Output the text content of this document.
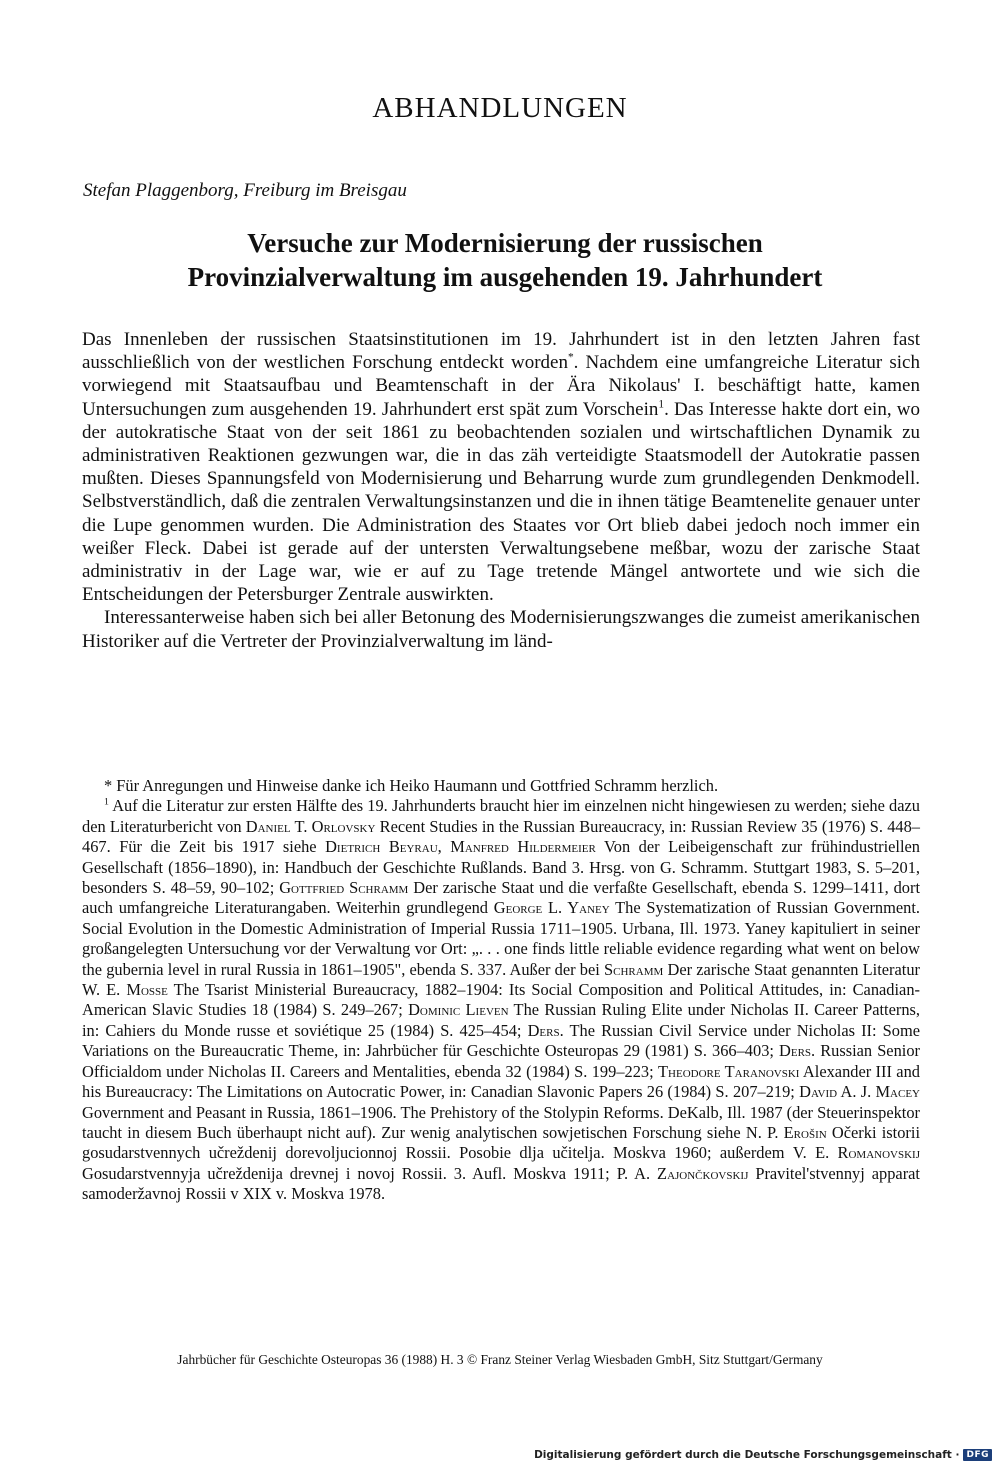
ABHANDLUNGEN

Stefan Plaggenborg, Freiburg im Breisgau

Versuche zur Modernisierung der russischen
Provinzialverwaltung im ausgehenden 19. Jahrhundert

Das Innenleben der russischen Staatsinstitutionen im 19. Jahrhundert ist in den letzten Jahren fast ausschließlich von der westlichen Forschung entdeckt worden*. Nachdem eine umfangreiche Literatur sich vorwiegend mit Staatsaufbau und Beamtenschaft in der Ära Nikolaus' I. beschäftigt hatte, kamen Untersuchungen zum ausgehenden 19. Jahrhundert erst spät zum Vorschein$^1$. Das Interesse hakte dort ein, wo der autokratische Staat von der seit 1861 zu beobachtenden sozialen und wirtschaftlichen Dynamik zu administrativen Reaktionen gezwungen war, die in das zäh verteidigte Staatsmodell der Autokratie passen mußten. Dieses Spannungsfeld von Modernisierung und Beharrung wurde zum grundlegenden Denkmodell. Selbstverständlich, daß die zentralen Verwaltungsinstanzen und die in ihnen tätige Beamtenelite genauer unter die Lupe genommen wurden. Die Administration des Staates vor Ort blieb dabei jedoch noch immer ein weißer Fleck. Dabei ist gerade auf der untersten Verwaltungsebene meßbar, wozu der zarische Staat administrativ in der Lage war, wie er auf zu Tage tretende Mängel antwortete und wie sich die Entscheidungen der Petersburger Zentrale auswirkten.

Interessanterweise haben sich bei aller Betonung des Modernisierungszwanges die zumeist amerikanischen Historiker auf die Vertreter der Provinzialverwaltung im länd-

* Für Anregungen und Hinweise danke ich Heiko Haumann und Gottfried Schramm herzlich.

$^1$ Auf die Literatur zur ersten Hälfte des 19. Jahrhunderts braucht hier im einzelnen nicht hingewiesen zu werden; siehe dazu den Literaturbericht von Daniel T. Orlovsky Recent Studies in the Russian Bureaucracy, in: Russian Review 35 (1976) S. 448–467. Für die Zeit bis 1917 siehe Dietrich Beyrau, Manfred Hildermeier Von der Leibeigenschaft zur frühindustriellen Gesellschaft (1856–1890), in: Handbuch der Geschichte Rußlands. Band 3. Hrsg. von G. Schramm. Stuttgart 1983, S. 5–201, besonders S. 48–59, 90–102; Gottfried Schramm Der zarische Staat und die verfaßte Gesellschaft, ebenda S. 1299–1411, dort auch umfangreiche Literaturangaben. Weiterhin grundlegend George L. Yaney The Systematization of Russian Government. Social Evolution in the Domestic Administration of Imperial Russia 1711–1905. Urbana, Ill. 1973. Yaney kapituliert in seiner großangelegten Untersuchung vor der Verwaltung vor Ort: „. . . one finds little reliable evidence regarding what went on below the gubernia level in rural Russia in 1861–1905", ebenda S. 337. Außer der bei Schramm Der zarische Staat genannten Literatur W. E. Mosse The Tsarist Ministerial Bureaucracy, 1882–1904: Its Social Composition and Political Attitudes, in: Canadian-American Slavic Studies 18 (1984) S. 249–267; Dominic Lieven The Russian Ruling Elite under Nicholas II. Career Patterns, in: Cahiers du Monde russe et soviétique 25 (1984) S. 425–454; Ders. The Russian Civil Service under Nicholas II: Some Variations on the Bureaucratic Theme, in: Jahrbücher für Geschichte Osteuropas 29 (1981) S. 366–403; Ders. Russian Senior Officialdom under Nicholas II. Careers and Mentalities, ebenda 32 (1984) S. 199–223; Theodore Taranovski Alexander III and his Bureaucracy: The Limitations on Autocratic Power, in: Canadian Slavonic Papers 26 (1984) S. 207–219; David A. J. Macey Government and Peasant in Russia, 1861–1906. The Prehistory of the Stolypin Reforms. DeKalb, Ill. 1987 (der Steuerinspektor taucht in diesem Buch überhaupt nicht auf). Zur wenig analytischen sowjetischen Forschung siehe N. P. Erošin Očerki istorii gosudarstvennych učreždenij dorevoljucionnoj Rossii. Posobie dlja učitelja. Moskva 1960; außerdem V. E. Romanovskij Gosudarstvennyja učreždenija drevnej i novoj Rossii. 3. Aufl. Moskva 1911; P. A. Zajončkovskij Pravitel'stvennyj apparat samoderžavnoj Rossii v XIX v. Moskva 1978.

Jahrbücher für Geschichte Osteuropas 36 (1988) H. 3 © Franz Steiner Verlag Wiesbaden GmbH, Sitz Stuttgart/Germany

Digitalisierung gefördert durch die Deutsche Forschungsgemeinschaft · DFG
